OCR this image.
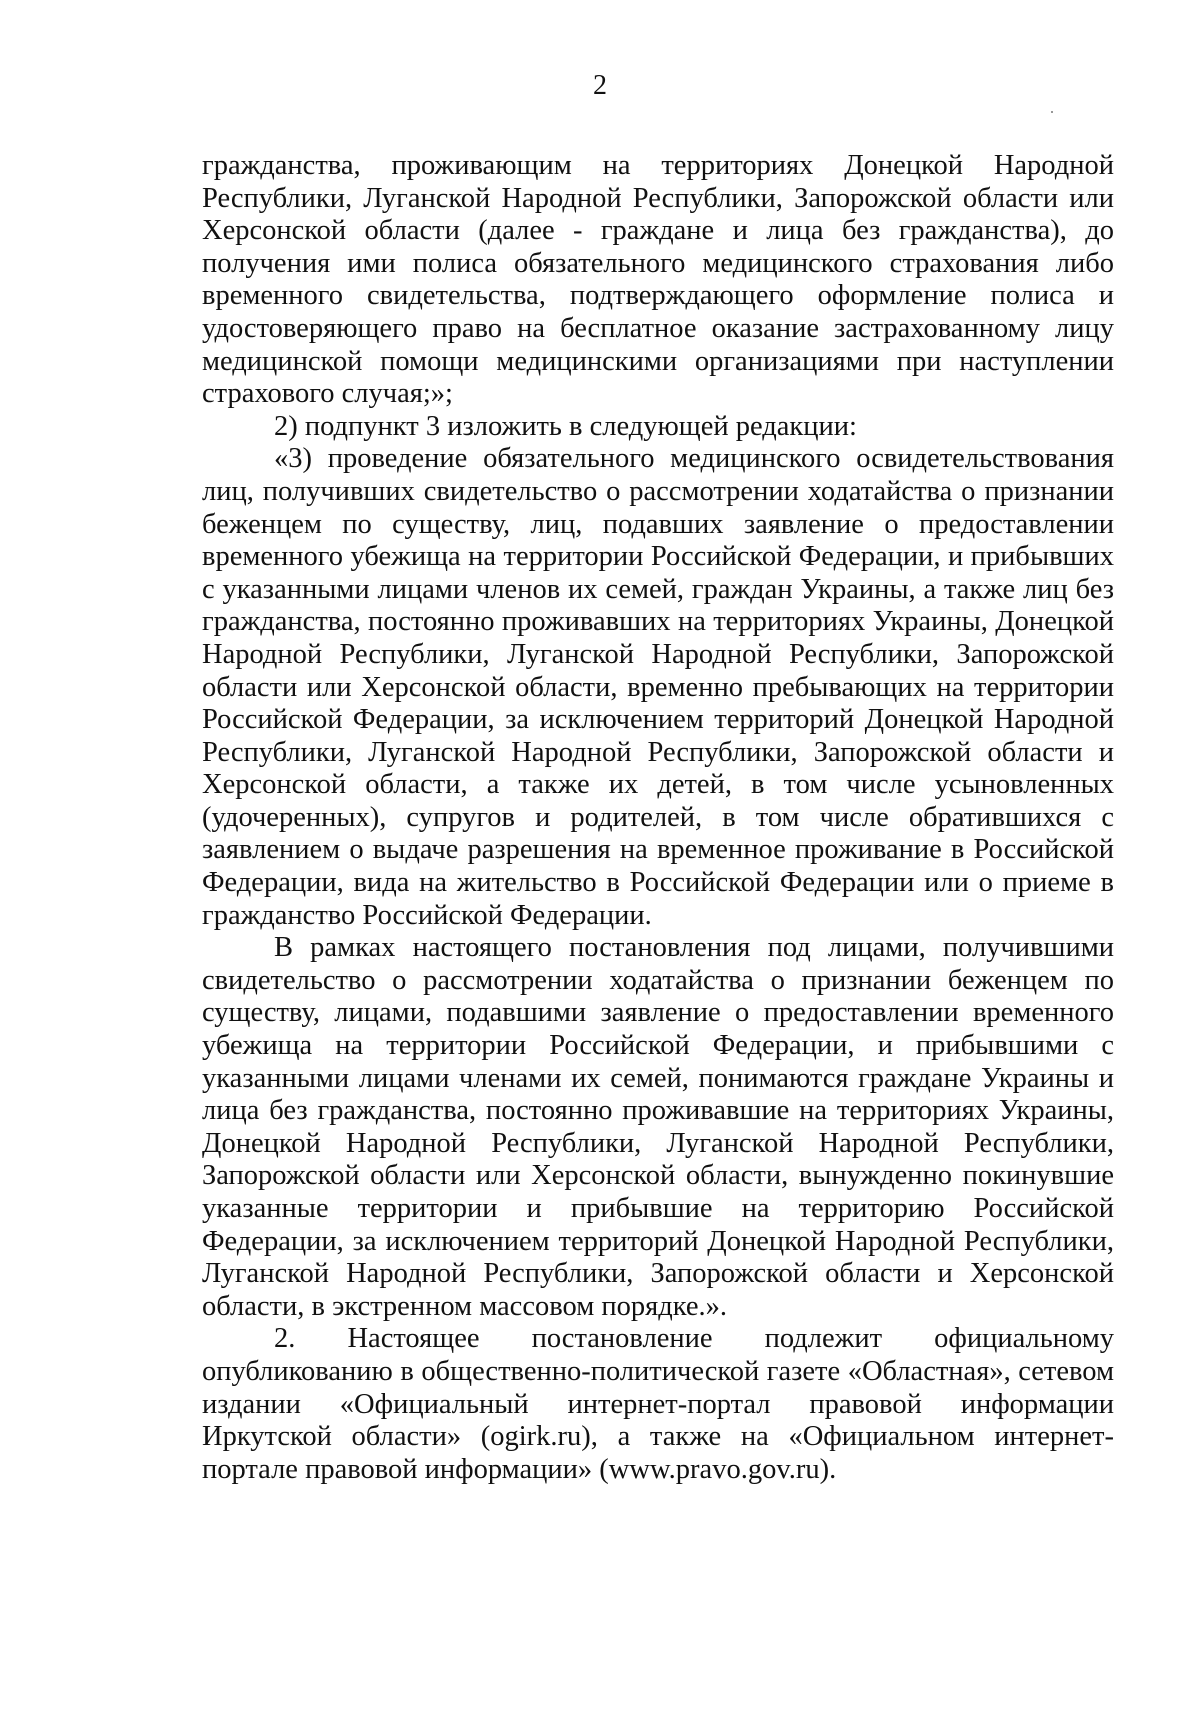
2

гражданства, проживающим на территориях Донецкой Народной Республики, Луганской Народной Республики, Запорожской области или Херсонской области (далее - граждане и лица без гражданства), до получения ими полиса обязательного медицинского страхования либо временного свидетельства, подтверждающего оформление полиса и удостоверяющего право на бесплатное оказание застрахованному лицу медицинской помощи медицинскими организациями при наступлении страхового случая;»;

2) подпункт 3 изложить в следующей редакции:

«3) проведение обязательного медицинского освидетельствования лиц, получивших свидетельство о рассмотрении ходатайства о признании беженцем по существу, лиц, подавших заявление о предоставлении временного убежища на территории Российской Федерации, и прибывших с указанными лицами членов их семей, граждан Украины, а также лиц без гражданства, постоянно проживавших на территориях Украины, Донецкой Народной Республики, Луганской Народной Республики, Запорожской области или Херсонской области, временно пребывающих на территории Российской Федерации, за исключением территорий Донецкой Народной Республики, Луганской Народной Республики, Запорожской области и Херсонской области, а также их детей, в том числе усыновленных (удочеренных), супругов и родителей, в том числе обратившихся с заявлением о выдаче разрешения на временное проживание в Российской Федерации, вида на жительство в Российской Федерации или о приеме в гражданство Российской Федерации.

В рамках настоящего постановления под лицами, получившими свидетельство о рассмотрении ходатайства о признании беженцем по существу, лицами, подавшими заявление о предоставлении временного убежища на территории Российской Федерации, и прибывшими с указанными лицами членами их семей, понимаются граждане Украины и лица без гражданства, постоянно проживавшие на территориях Украины, Донецкой Народной Республики, Луганской Народной Республики, Запорожской области или Херсонской области, вынужденно покинувшие указанные территории и прибывшие на территорию Российской Федерации, за исключением территорий Донецкой Народной Республики, Луганской Народной Республики, Запорожской области и Херсонской области, в экстренном массовом порядке.».

2. Настоящее постановление подлежит официальному опубликованию в общественно-политической газете «Областная», сетевом издании «Официальный интернет-портал правовой информации Иркутской области» (ogirk.ru), а также на «Официальном интернет-портале правовой информации» (www.pravo.gov.ru).
